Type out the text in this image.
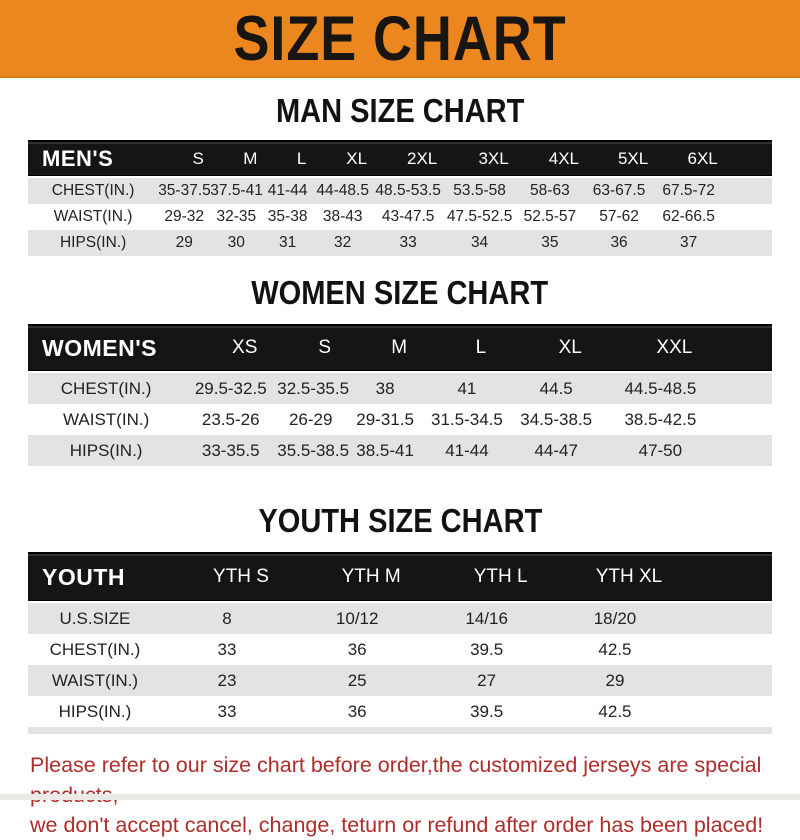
SIZE CHART
MAN SIZE CHART
MEN'S	S	M	L	XL	2XL	3XL	4XL	5XL	6XL
CHEST(IN.)	35-37.5 37.5-41 41-44 44-48.5 48.5-53.5 53.5-58	58-63	63-67.5	67.5-72
WAIST(IN.)	29-32 32-35 35-38 38-43	43-47.5 47.5-52.5 52.5-57	57-62	62-66.5
HIPS(IN.)	29	30	31	32	33	34	35	36	37
WOMEN SIZE CHART
WOMEN'S	XS	S	M	L	XL	XXL
CHEST(IN.)	29.5-32.5 32.5-35.5	38	41	44.5	44.5-48.5
WAIST(IN.)	23.5-26	26-29	29-31.5	31.5-34.5	34.5-38.5	38.5-42.5
HIPS(IN.)	33-35.5	35.5-38.5 38.5-41	41-44	44-47	47-50
YOUTH SIZE CHART
YOUTH	YTH S	YTH M	YTH L	YTH XL
U.S.SIZE	8	10/12	14/16	18/20
CHEST(IN.)	33	36	39.5	42.5
WAIST(IN.)	23	25	27	29
HIPS(IN.)	33	36	39.5	42.5
Please refer to our size chart before order,the customized jerseys are special
we don't accept cancel, change, teturn or refund after order has been placed!
